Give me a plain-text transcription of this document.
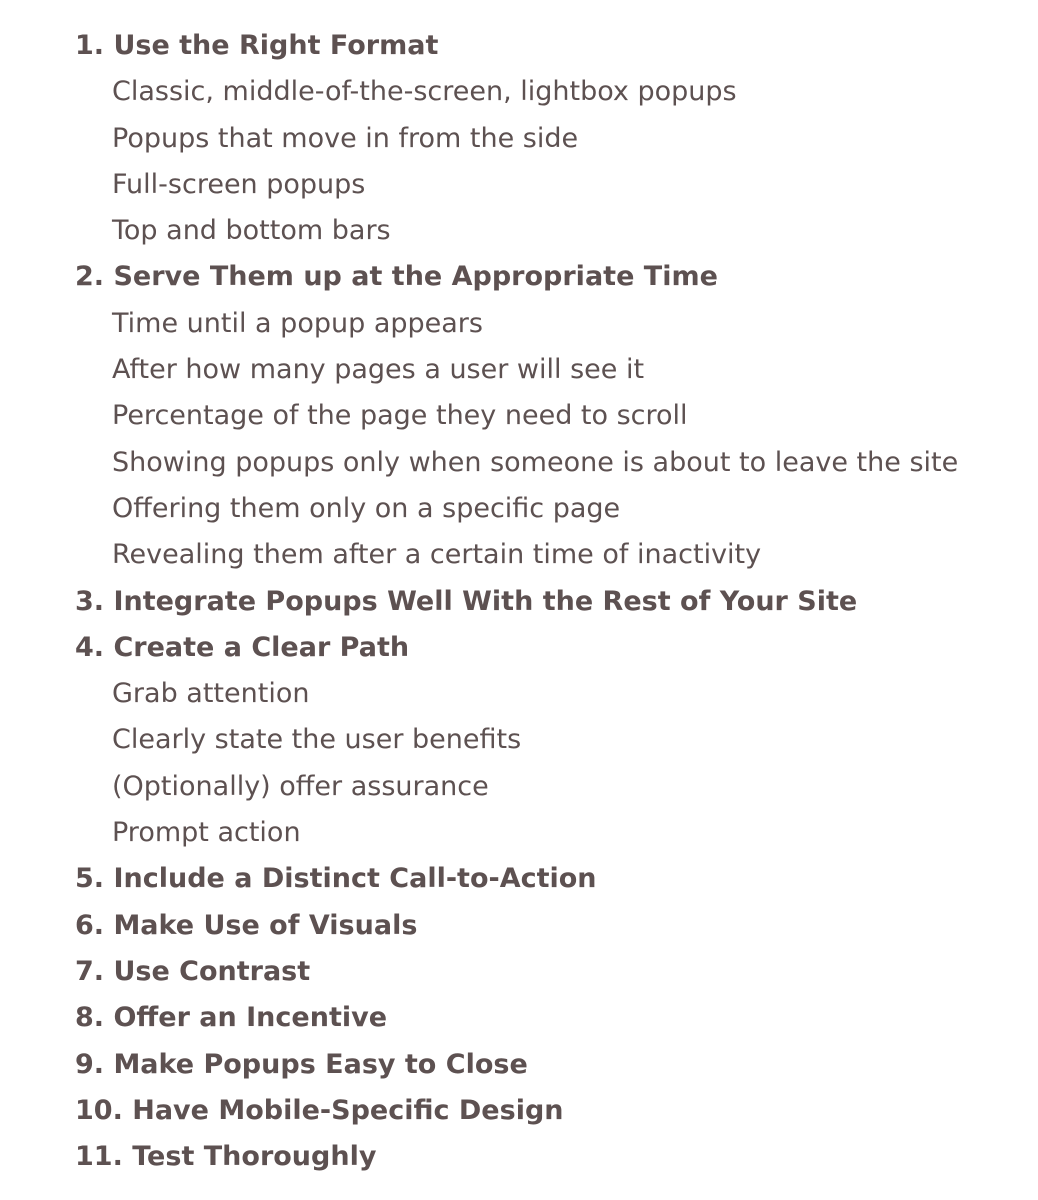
1. Use the Right Format
Classic, middle-of-the-screen, lightbox popups
Popups that move in from the side
Full-screen popups
Top and bottom bars
2. Serve Them up at the Appropriate Time
Time until a popup appears
After how many pages a user will see it
Percentage of the page they need to scroll
Showing popups only when someone is about to leave the site
Offering them only on a specific page
Revealing them after a certain time of inactivity
3. Integrate Popups Well With the Rest of Your Site
4. Create a Clear Path
Grab attention
Clearly state the user benefits
(Optionally) offer assurance
Prompt action
5. Include a Distinct Call-to-Action
6. Make Use of Visuals
7. Use Contrast
8. Offer an Incentive
9. Make Popups Easy to Close
10. Have Mobile-Specific Design
11. Test Thoroughly
